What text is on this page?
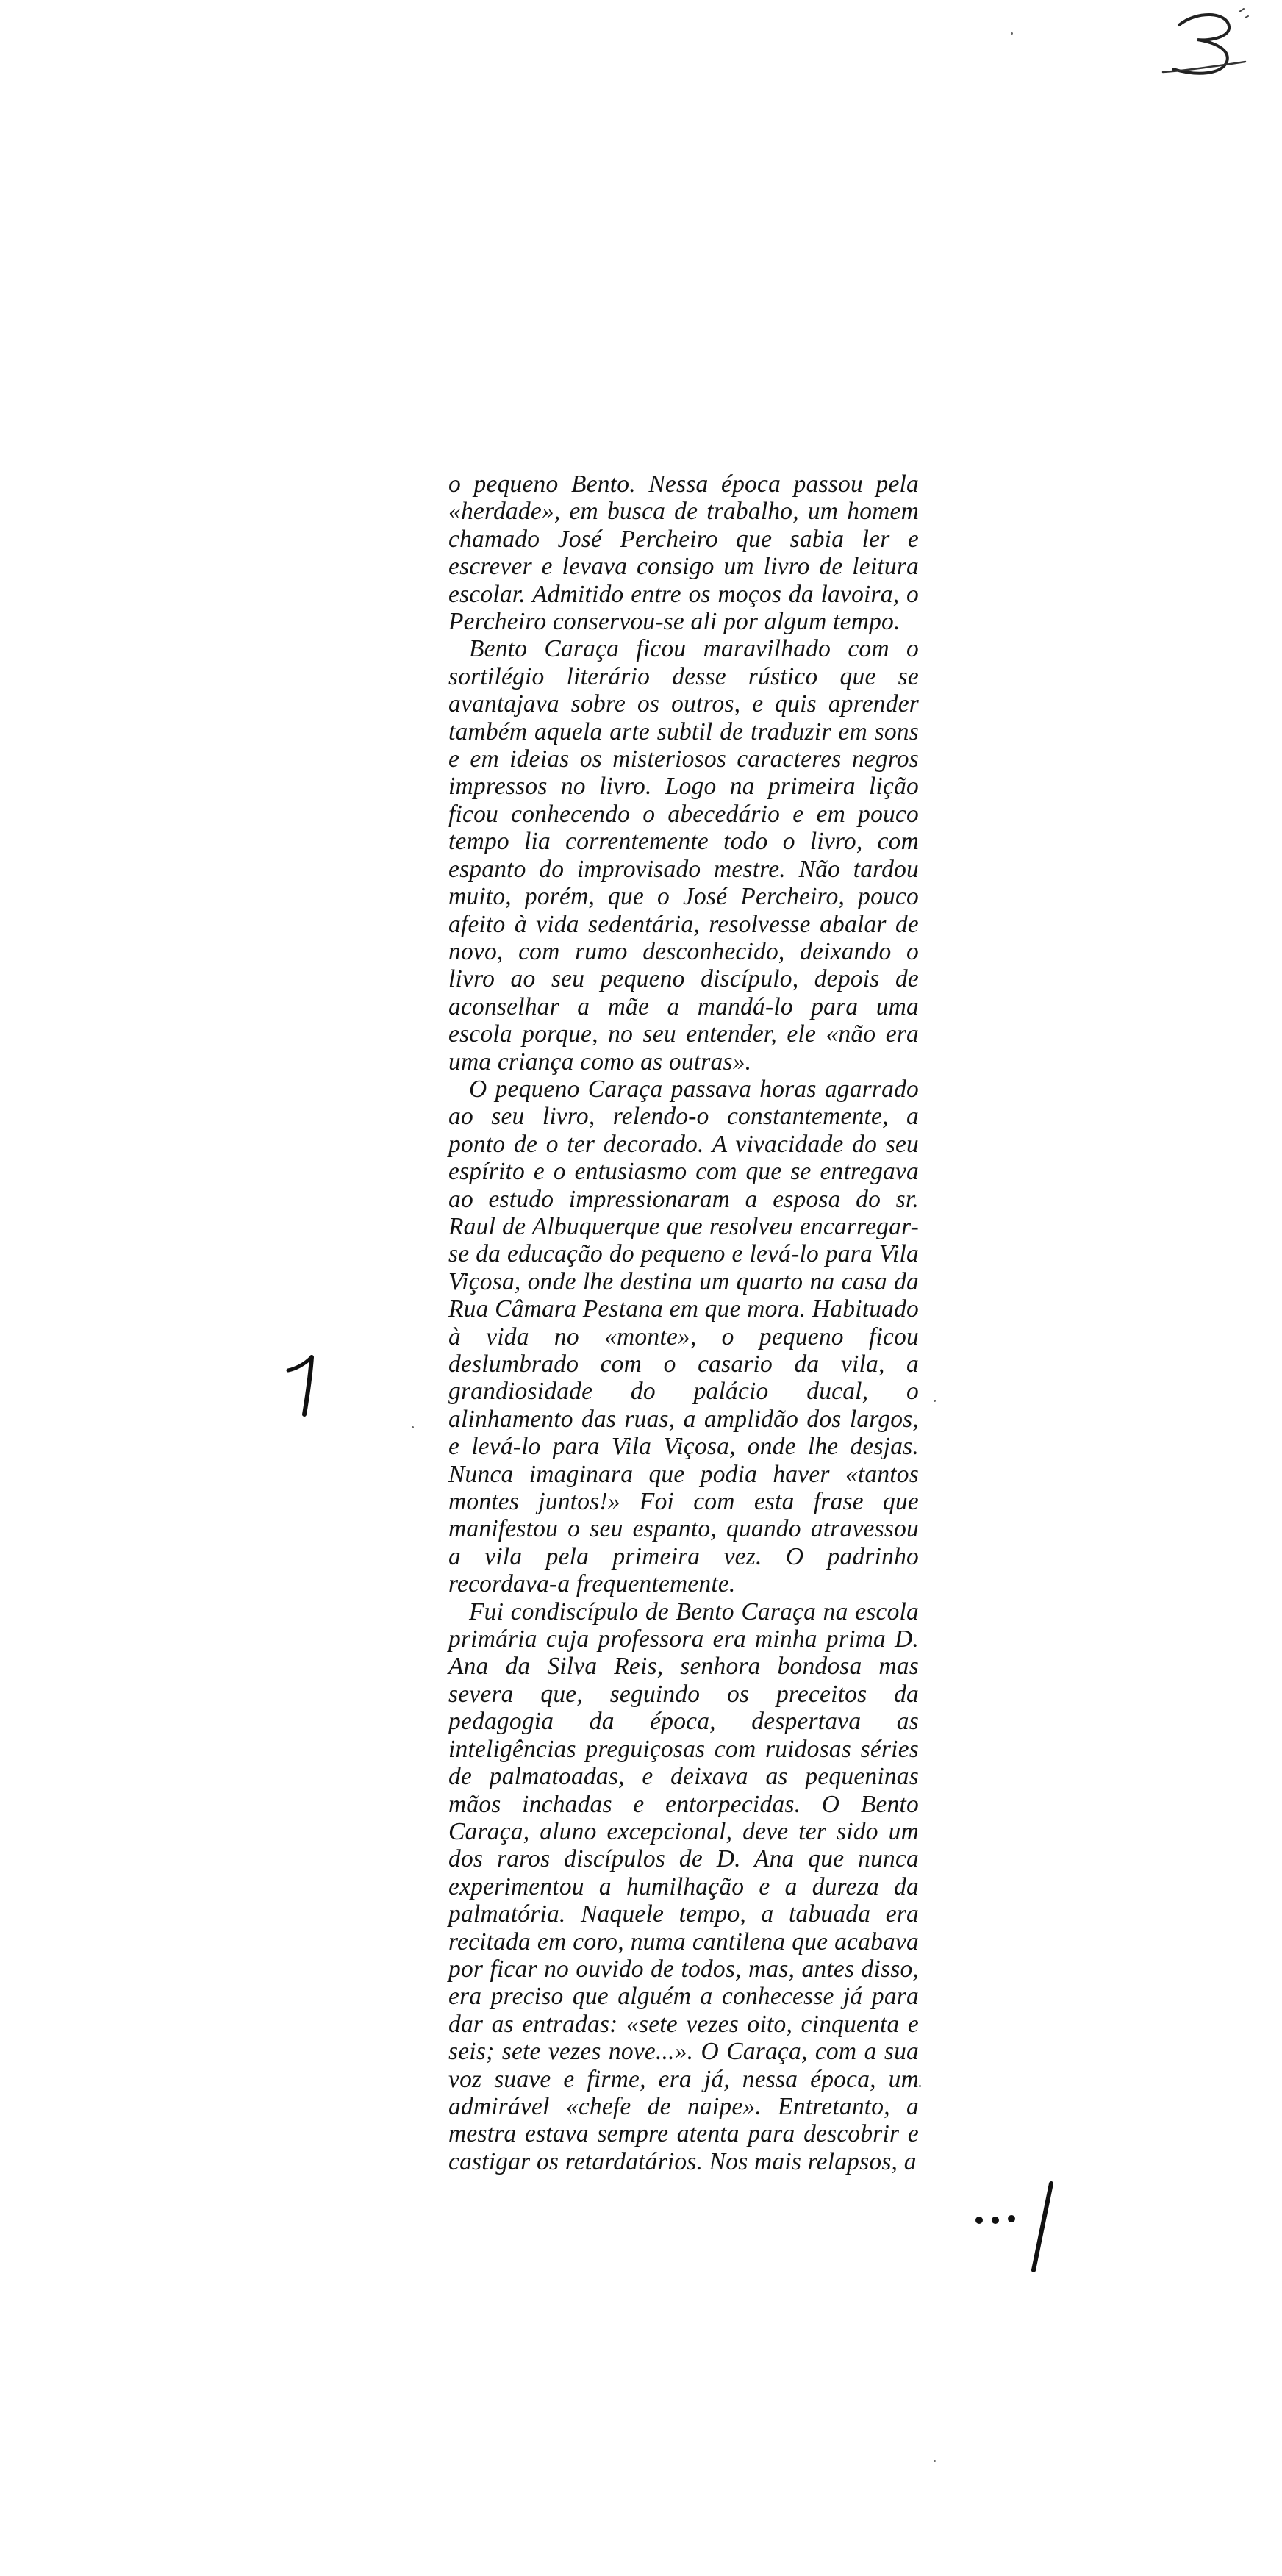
o pequeno Bento. Nessa época passou pela «herdade», em busca de trabalho, um homem chamado José Percheiro que sabia ler e escrever e levava consigo um livro de leitura escolar. Admitido entre os moços da lavoira, o Percheiro conservou-se ali por algum tempo.

Bento Caraça ficou maravilhado com o sortilégio literário desse rústico que se avantajava sobre os outros, e quis aprender também aquela arte subtil de traduzir em sons e em ideias os misteriosos caracteres negros impressos no livro. Logo na primeira lição ficou conhecendo o abecedário e em pouco tempo lia correntemente todo o livro, com espanto do improvisado mestre. Não tardou muito, porém, que o José Percheiro, pouco afeito à vida sedentária, resolvesse abalar de novo, com rumo desconhecido, deixando o livro ao seu pequeno discípulo, depois de aconselhar a mãe a mandá-lo para uma escola porque, no seu entender, ele «não era uma criança como as outras».

O pequeno Caraça passava horas agarrado ao seu livro, relendo-o constantemente, a ponto de o ter decorado. A vivacidade do seu espírito e o entusiasmo com que se entregava ao estudo impressionaram a esposa do sr. Raul de Albuquerque que resolveu encarregar-se da educação do pequeno e levá-lo para Vila Viçosa, onde lhe destina um quarto na casa da Rua Câmara Pestana em que mora. Habituado à vida no «monte», o pequeno ficou deslumbrado com o casario da vila, a grandiosidade do palácio ducal, o alinhamento das ruas, a amplidão dos largos, e levá-lo para Vila Viçosa, onde lhe desjas. Nunca imaginara que podia haver «tantos montes juntos!» Foi com esta frase que manifestou o seu espanto, quando atravessou a vila pela primeira vez. O padrinho recordava-a frequentemente.

Fui condiscípulo de Bento Caraça na escola primária cuja professora era minha prima D. Ana da Silva Reis, senhora bondosa mas severa que, seguindo os preceitos da pedagogia da época, despertava as inteligências preguiçosas com ruidosas séries de palmatoadas, e deixava as pequeninas mãos inchadas e entorpecidas. O Bento Caraça, aluno excepcional, deve ter sido um dos raros discípulos de D. Ana que nunca experimentou a humilhação e a dureza da palmatória. Naquele tempo, a tabuada era recitada em coro, numa cantilena que acabava por ficar no ouvido de todos, mas, antes disso, era preciso que alguém a conhecesse já para dar as entradas: «sete vezes oito, cinquenta e seis; sete vezes nove...». O Caraça, com a sua voz suave e firme, era já, nessa época, um admirável «chefe de naipe». Entretanto, a mestra estava sempre atenta para descobrir e castigar os retardatários. Nos mais relapsos, a
